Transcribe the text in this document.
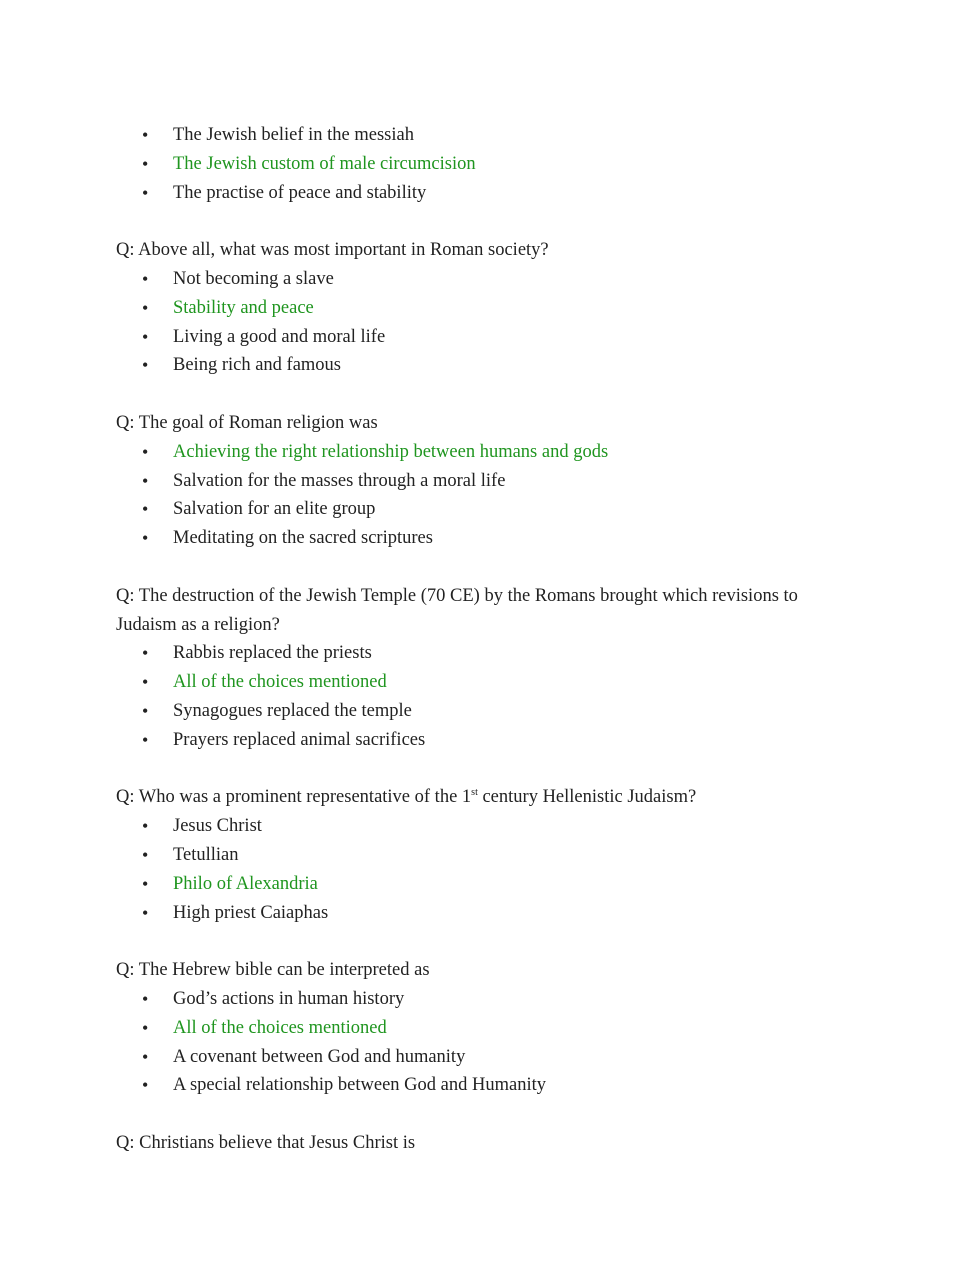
• The Jewish belief in the messiah
• The Jewish custom of male circumcision
• The practise of peace and stability
Q: Above all, what was most important in Roman society?
• Not becoming a slave
• Stability and peace
• Living a good and moral life
• Being rich and famous
Q: The goal of Roman religion was
• Achieving the right relationship between humans and gods
• Salvation for the masses through a moral life
• Salvation for an elite group
• Meditating on the sacred scriptures
Q: The destruction of the Jewish Temple (70 CE) by the Romans brought which revisions to Judaism as a religion?
• Rabbis replaced the priests
• All of the choices mentioned
• Synagogues replaced the temple
• Prayers replaced animal sacrifices
Q: Who was a prominent representative of the 1st century Hellenistic Judaism?
• Jesus Christ
• Tetullian
• Philo of Alexandria
• High priest Caiaphas
Q: The Hebrew bible can be interpreted as
• God’s actions in human history
• All of the choices mentioned
• A covenant between God and humanity
• A special relationship between God and Humanity
Q: Christians believe that Jesus Christ is
